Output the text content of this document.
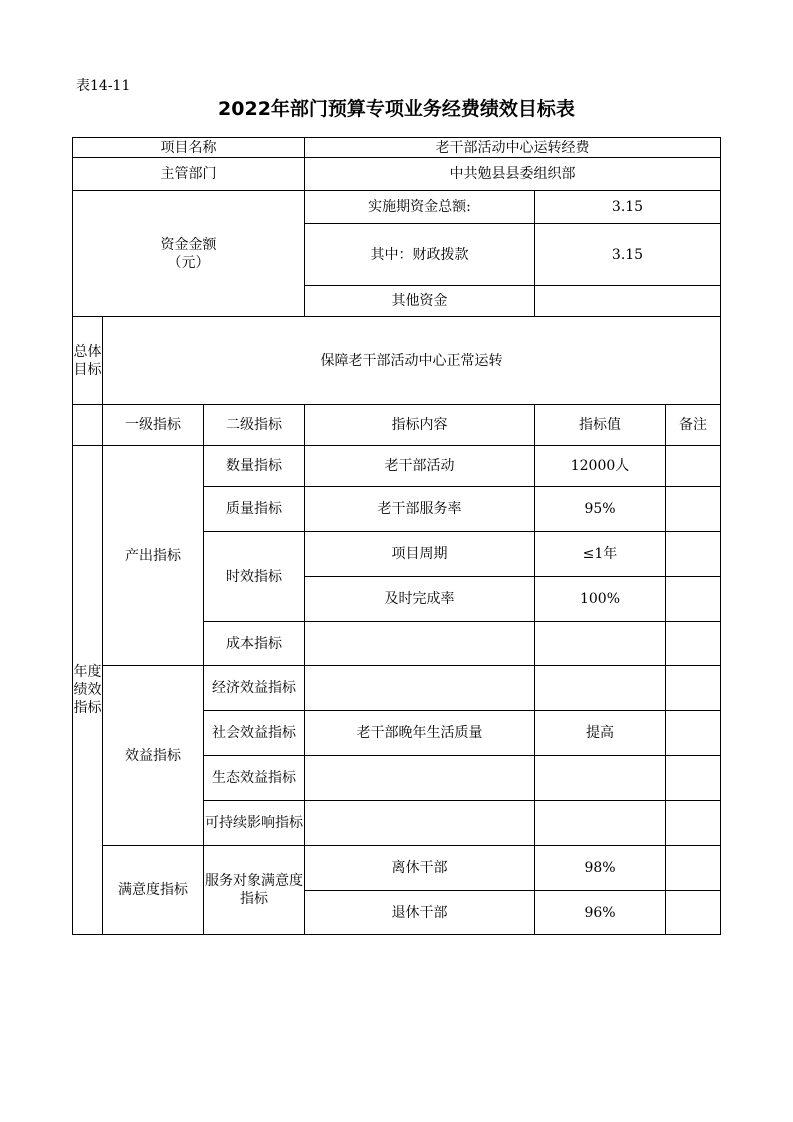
表14-11
2022年部门预算专项业务经费绩效目标表
项目名称			老干部活动中心运转经费		
主管部门			中共勉县县委组织部		

资金金额
（元）			实施期资金总额:	3.15	
			其中：财政拨款	3.15	
			其他资金		
总体目标	保障老干部活动中心正常运转				
	一级指标	二级指标	指标内容	指标值	备注
年度绩效指标	产出指标	数量指标	老干部活动	12000人	
		质量指标	老干部服务率	95%	
		时效指标	项目周期	≤1年	
			及时完成率	100%	
		成本指标			
	效益指标	经济效益指标			
		社会效益指标	老干部晚年生活质量	提高	
		生态效益指标			
		可持续影响指标			
	满意度指标	服务对象满意度指标	离休干部	98%	
			退休干部	96%	
